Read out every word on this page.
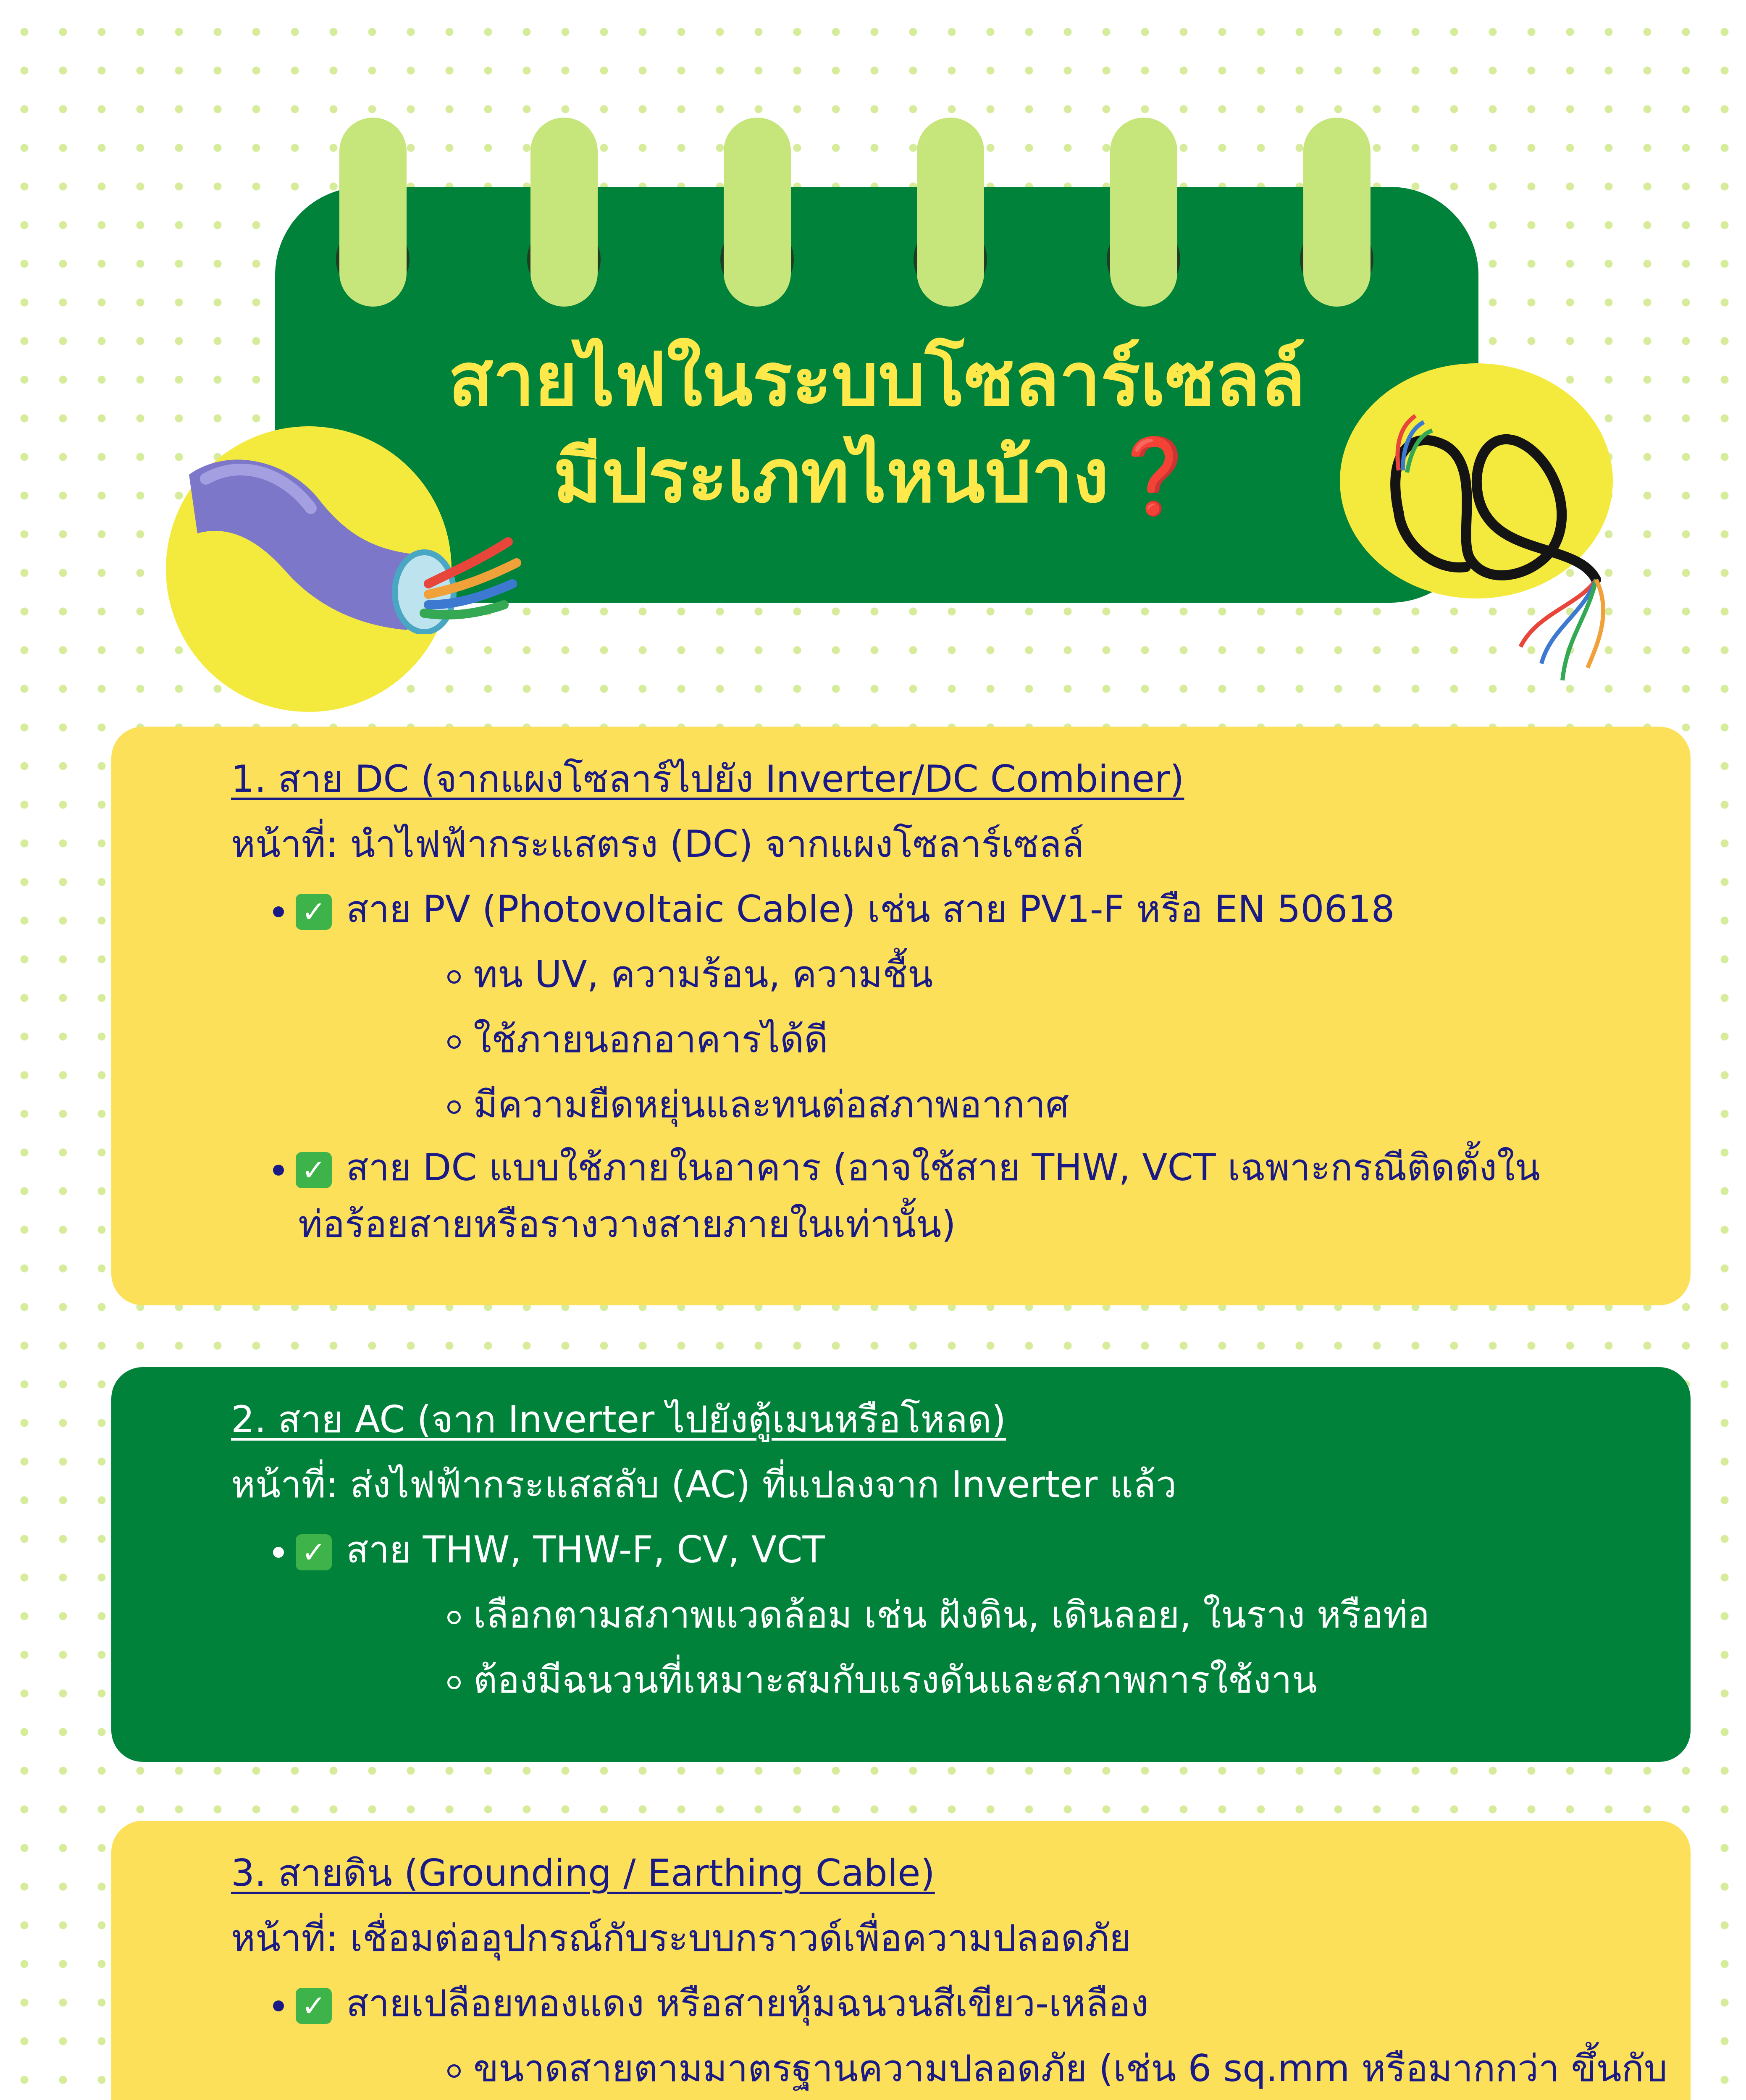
สายไฟในระบบโซลาร์เซลล์
มีประเภทไหนบ้าง❓

1. สาย DC (จากแผงโซลาร์ไปยัง Inverter/DC Combiner)

หน้าที่: นำไฟฟ้ากระแสตรง (DC) จากแผงโซลาร์เซลล์

✓ สาย PV (Photovoltaic Cable) เช่น สาย PV1-F หรือ EN 50618

ทน UV, ความร้อน, ความชื้น

ใช้ภายนอกอาคารได้ดี

มีความยืดหยุ่นและทนต่อสภาพอากาศ

✓ สาย DC แบบใช้ภายในอาคาร (อาจใช้สาย THW, VCT เฉพาะกรณีติดตั้งใน

ท่อร้อยสายหรือรางวางสายภายในเท่านั้น)

2. สาย AC (จาก Inverter ไปยังตู้เมนหรือโหลด)

หน้าที่: ส่งไฟฟ้ากระแสสลับ (AC) ที่แปลงจาก Inverter แล้ว

✓ สาย THW, THW-F, CV, VCT

เลือกตามสภาพแวดล้อม เช่น ฝังดิน, เดินลอย, ในราง หรือท่อ

ต้องมีฉนวนที่เหมาะสมกับแรงดันและสภาพการใช้งาน

3. สายดิน (Grounding / Earthing Cable)

หน้าที่: เชื่อมต่ออุปกรณ์กับระบบกราวด์เพื่อความปลอดภัย

✓ สายเปลือยทองแดง หรือสายหุ้มฉนวนสีเขียว-เหลือง

ขนาดสายตามมาตรฐานความปลอดภัย (เช่น 6 sq.mm หรือมากกว่า ขึ้นกับ
